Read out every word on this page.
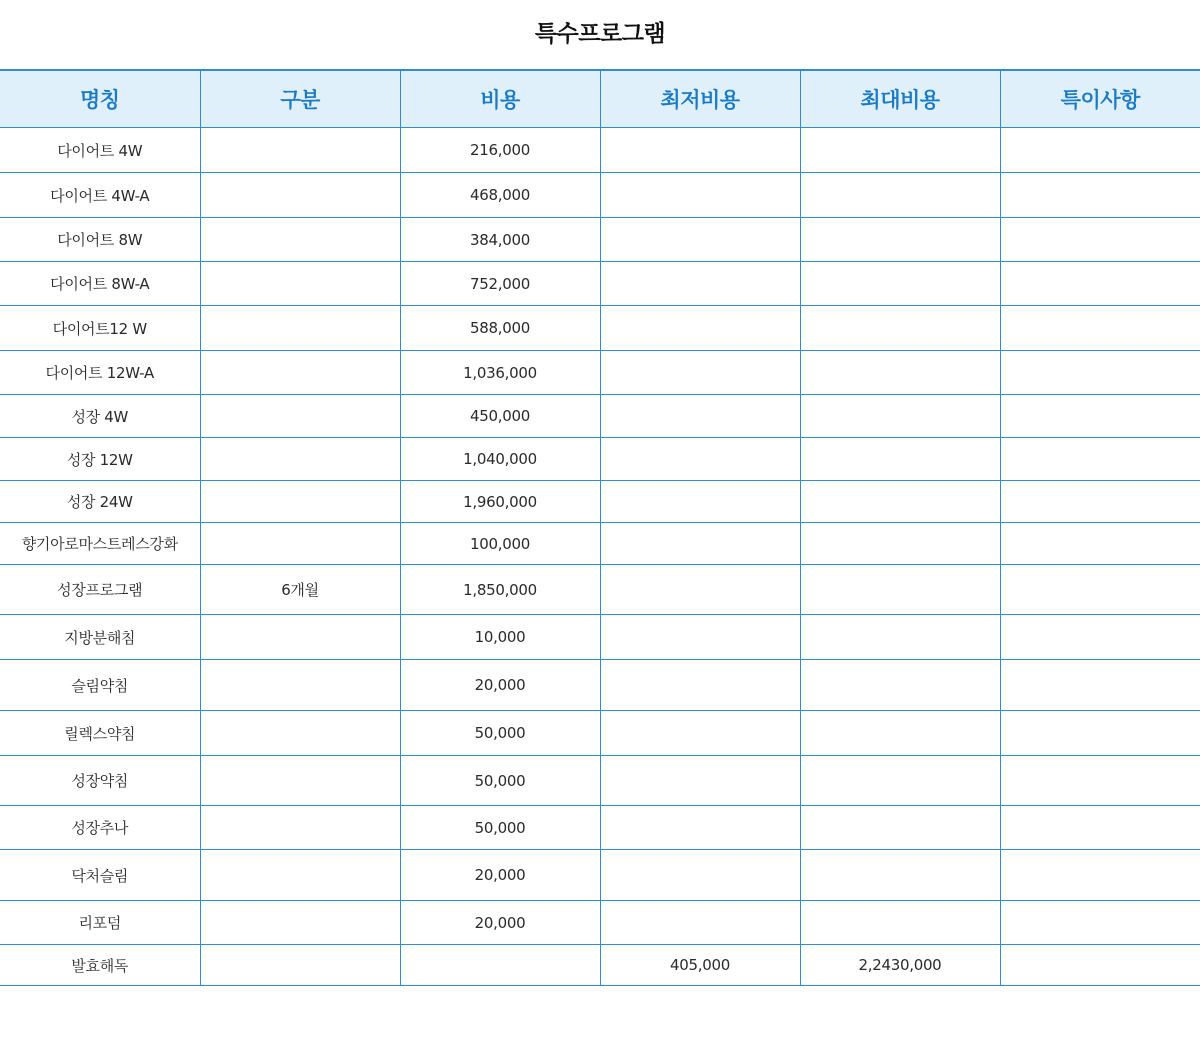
특수프로그램
명칭	구분	비용	최저비용	최대비용	특이사항
다이어트 4W		216,000			
다이어트 4W-A		468,000			
다이어트 8W		384,000			
다이어트 8W-A		752,000			
다이어트12 W		588,000			
다이어트 12W-A		1,036,000			
성장 4W		450,000			
성장 12W		1,040,000			
성장 24W		1,960,000			
향기아로마스트레스강화		100,000			
성장프로그램	6개월	1,850,000			
지방분해침		10,000			
슬림약침		20,000			
릴렉스약침		50,000			
성장약침		50,000			
성장추나		50,000			
닥처슬림		20,000			
리포덤		20,000			
발효해독			405,000	2,2430,000	
